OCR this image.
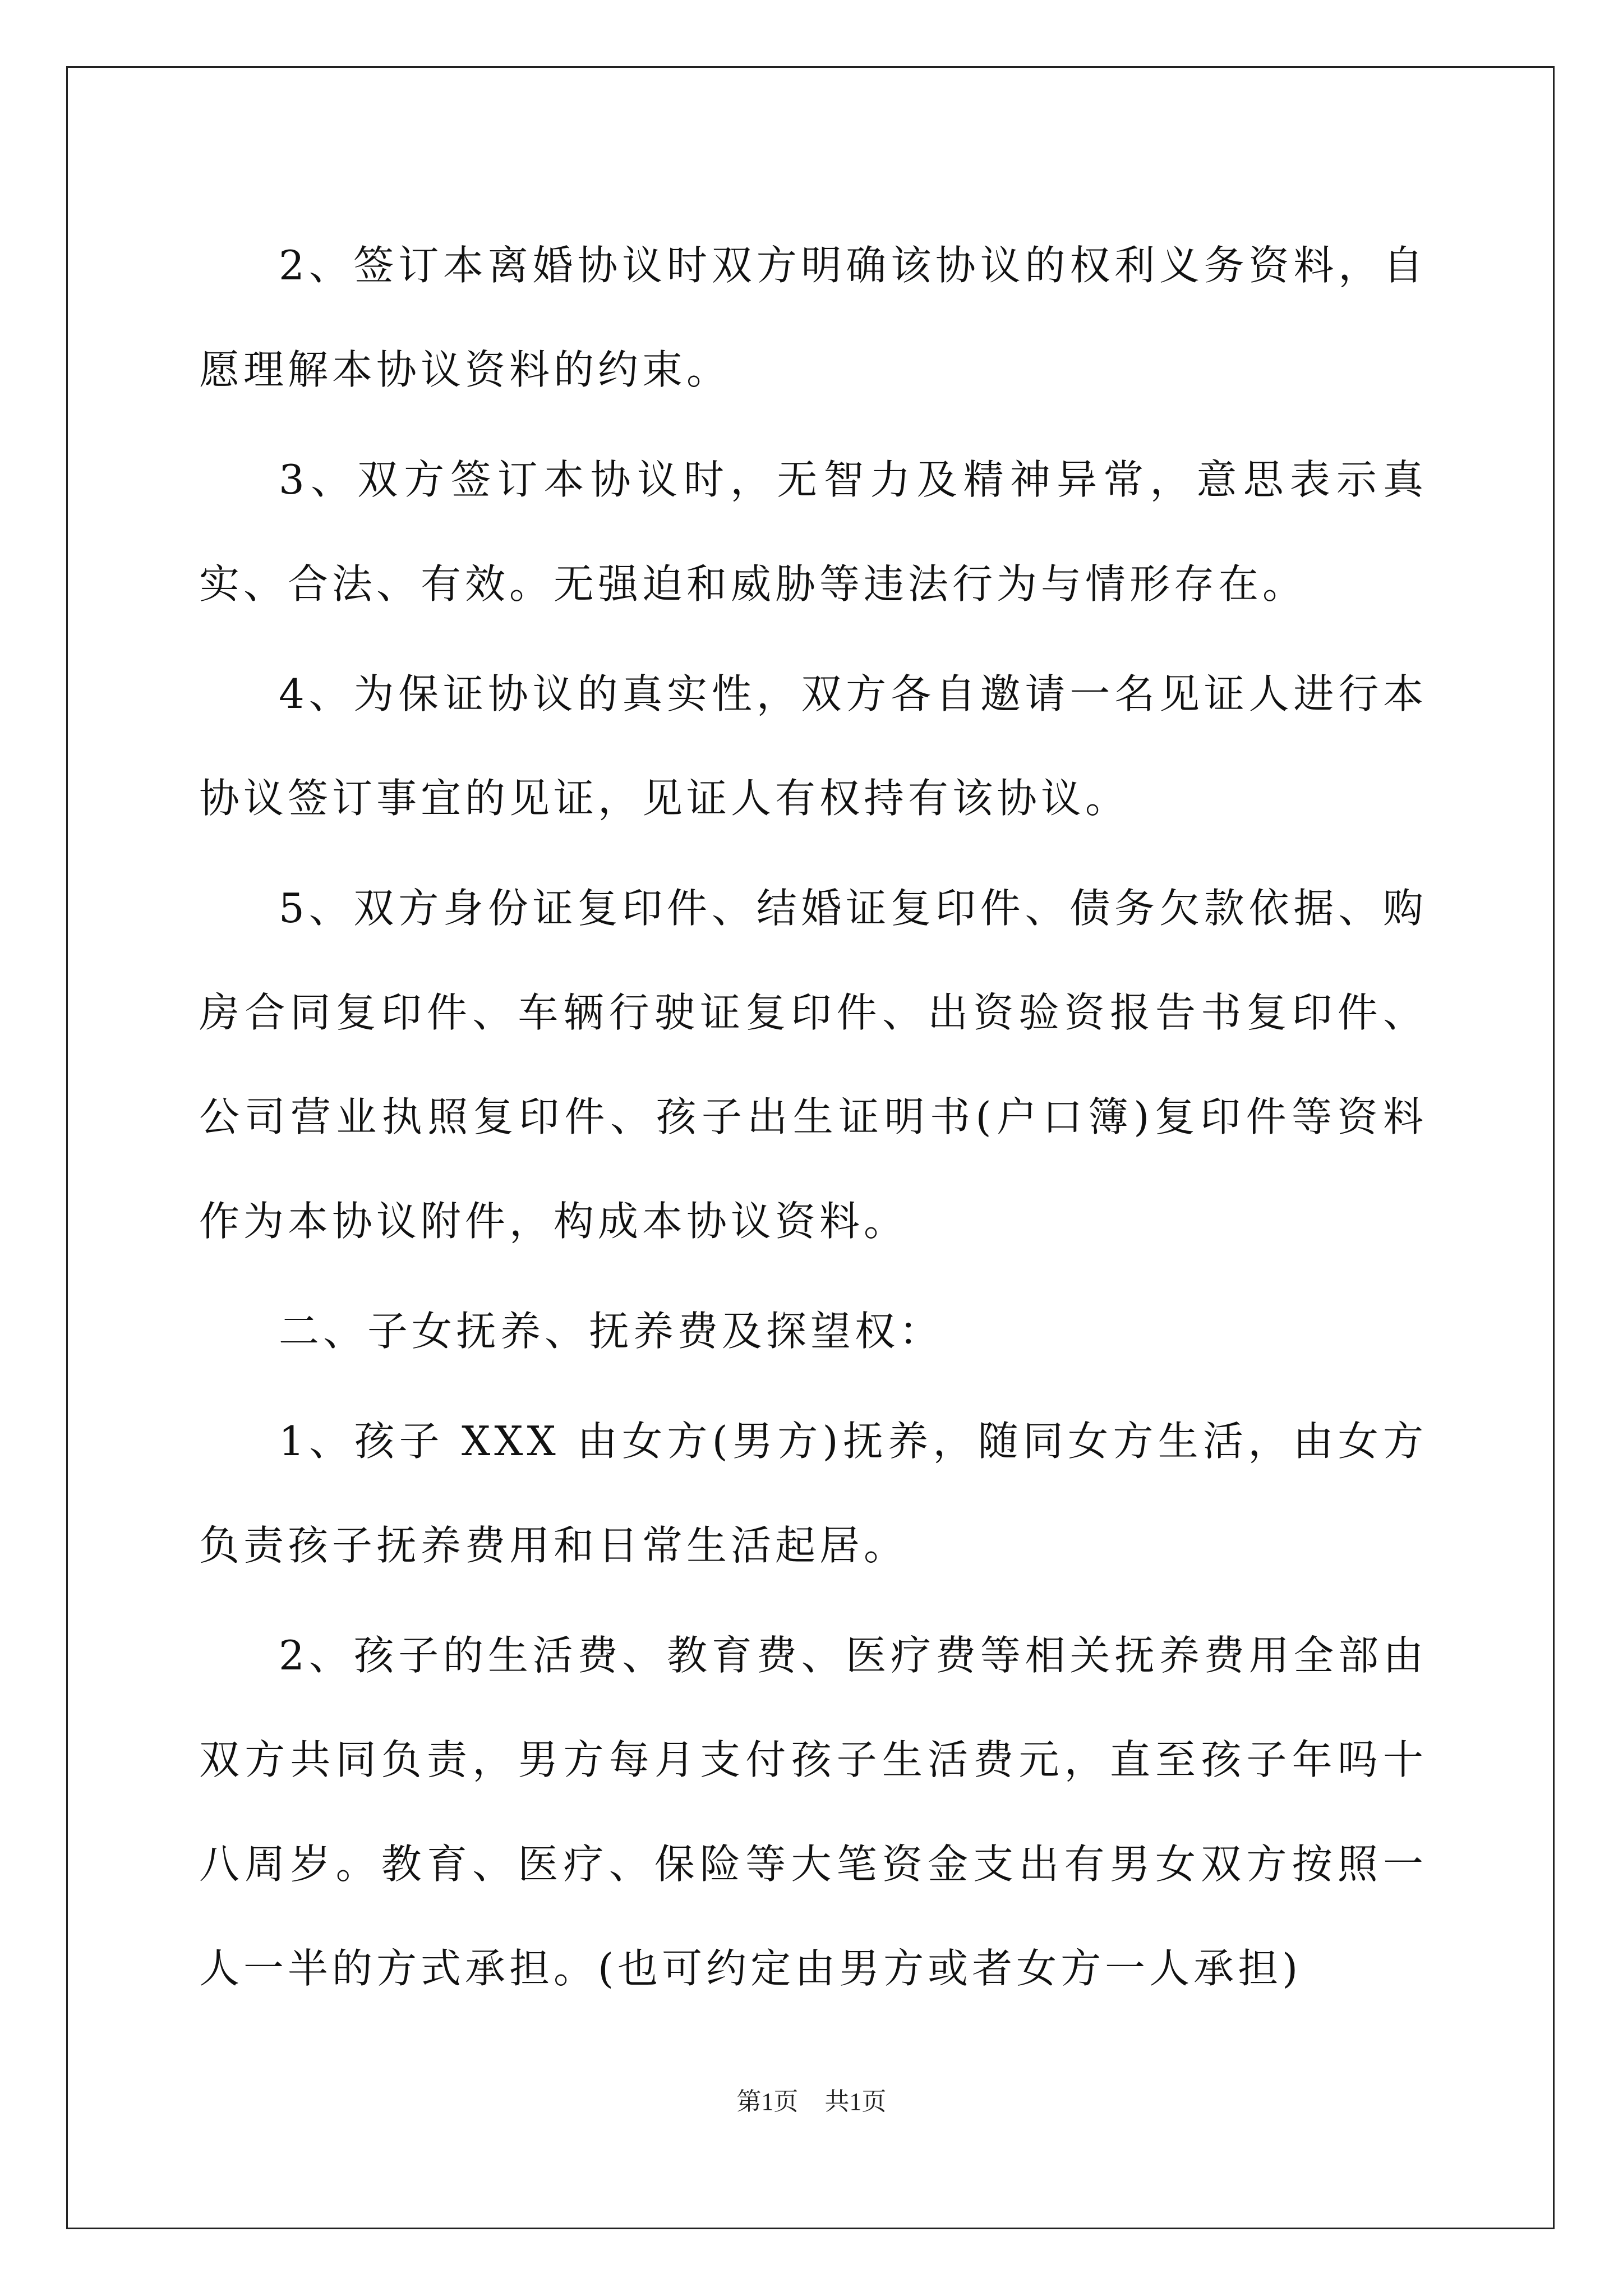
2、签订本离婚协议时双方明确该协议的权利义务资料，自愿理解本协议资料的约束。

3、双方签订本协议时，无智力及精神异常，意思表示真实、合法、有效。无强迫和威胁等违法行为与情形存在。

4、为保证协议的真实性，双方各自邀请一名见证人进行本协议签订事宜的见证，见证人有权持有该协议。

5、双方身份证复印件、结婚证复印件、债务欠款依据、购房合同复印件、车辆行驶证复印件、出资验资报告书复印件、公司营业执照复印件、孩子出生证明书(户口簿)复印件等资料作为本协议附件，构成本协议资料。

二、子女抚养、抚养费及探望权：

1、孩子 XXX 由女方(男方)抚养，随同女方生活，由女方负责孩子抚养费用和日常生活起居。

2、孩子的生活费、教育费、医疗费等相关抚养费用全部由双方共同负责，男方每月支付孩子生活费元，直至孩子年吗十八周岁。教育、医疗、保险等大笔资金支出有男女双方按照一人一半的方式承担。(也可约定由男方或者女方一人承担)

第1页 共1页
